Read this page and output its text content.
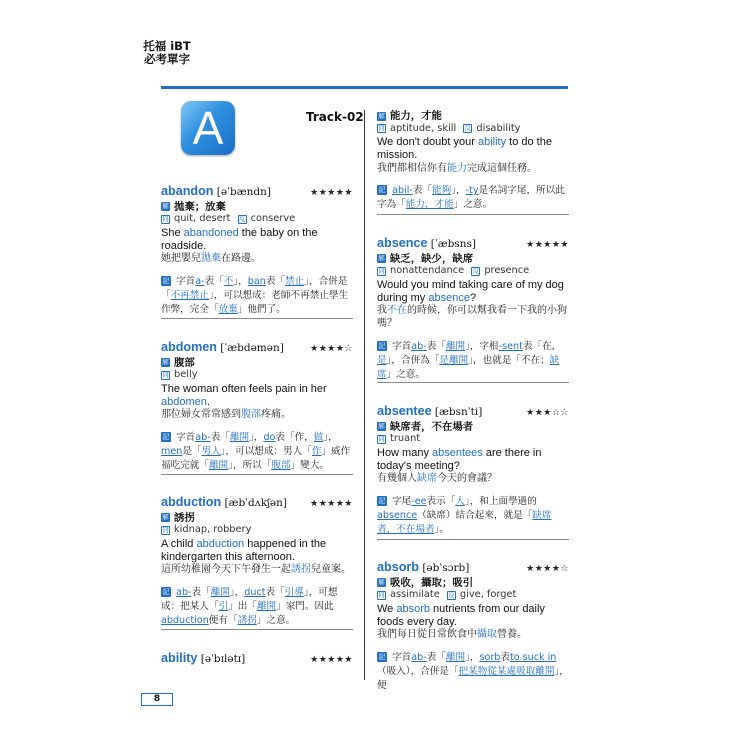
托福 iBT
必考單字
A	Track-02
abandon [əˈbændn]	★★★★★
解 拋棄；放棄
同 quit, desert
反 conserve
She abandoned the baby on the roadside.
她把嬰兒拋棄在路邊。
記 字首a-表「不」，ban表「禁止」，合併是「不再禁止」，可以想成：老師不再禁止學生作弊，完全「放棄」他們了。
abdomen [ˈæbdəmən]	★★★★☆
解 腹部
同 belly
The woman often feels pain in her abdomen.
那位婦女常常感到腹部疼痛。
記 字首ab-表「離開」，do表「作，做」，men是「男人」，可以想成：男人「作」威作福吃完就「離開」，所以「腹部」變大。
abduction [æbˈdʌkʃən]	★★★★★
解 誘拐
同 kidnap, robbery
A child abduction happened in the kindergarten this afternoon.
這所幼稚園今天下午發生一起誘拐兒童案。
記 ab-表「離開」，duct表「引導」，可想成：把某人「引」出「離開」家門。因此abduction便有「誘拐」之意。
ability [əˈbɪlətɪ]	★★★★★
解 能力，才能
同 aptitude, skill
反 disability
We don't doubt your ability to do the mission.
我們都相信你有能力完成這個任務。
記 abil-表「能夠」，-ty是名詞字尾，所以此字為「能力，才能」之意。
absence [ˈæbsns]	★★★★★
解 缺乏，缺少，缺席
同 nonattendance
反 presence
Would you mind taking care of my dog during my absence?
我不在的時候，你可以幫我看一下我的小狗嗎？
記 字首ab-表「離開」，字根-sent表「在，是」，合併為「是離開」，也就是「不在；缺席」之意。
absentee [æbsnˈti]	★★★☆☆
解 缺席者，不在場者
同 truant
How many absentees are there in today's meeting?
有幾個人缺席今天的會議？
記 字尾-ee表示「人」，和上面學過的absence（缺席）結合起來，就是「缺席者，不在場者」。
absorb [əbˈsɔrb]	★★★★☆
解 吸收，攝取；吸引
同 assimilate
反 give, forget
We absorb nutrients from our daily foods every day.
我們每日從日常飲食中攝取營養。
記 字首ab-表「離開」，sorb表to suck in（吸入），合併是「把某物從某處吸取離開」，便
8
